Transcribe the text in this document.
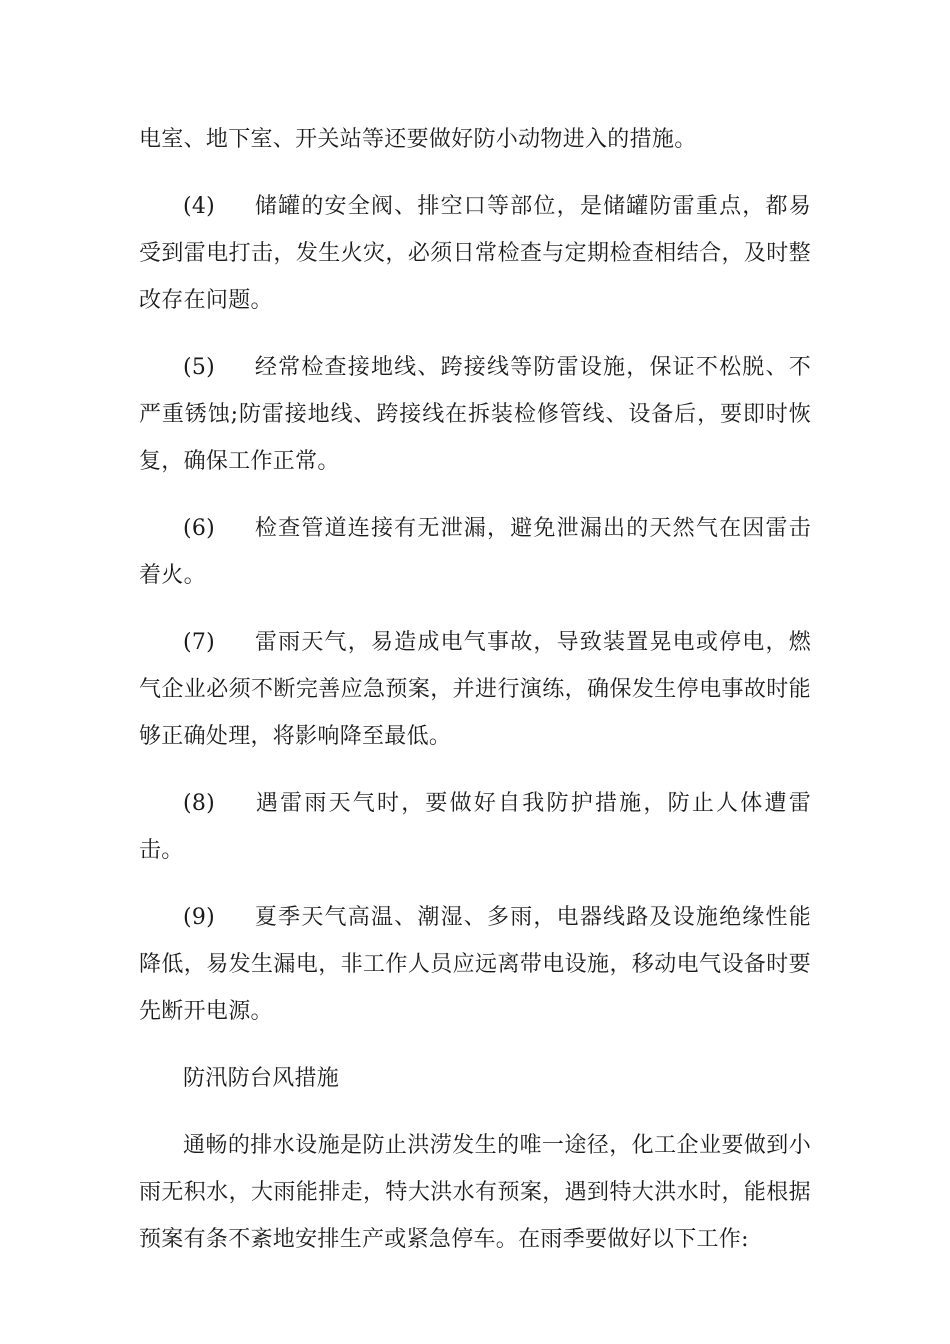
电室、地下室、开关站等还要做好防小动物进入的措施。

(4) 储罐的安全阀、排空口等部位，是储罐防雷重点，都易受到雷电打击，发生火灾，必须日常检查与定期检查相结合，及时整改存在问题。

(5) 经常检查接地线、跨接线等防雷设施，保证不松脱、不严重锈蚀;防雷接地线、跨接线在拆装检修管线、设备后，要即时恢复，确保工作正常。

(6) 检查管道连接有无泄漏，避免泄漏出的天然气在因雷击着火。

(7) 雷雨天气，易造成电气事故，导致装置晃电或停电，燃气企业必须不断完善应急预案，并进行演练，确保发生停电事故时能够正确处理，将影响降至最低。

(8) 遇雷雨天气时，要做好自我防护措施，防止人体遭雷击。

(9) 夏季天气高温、潮湿、多雨，电器线路及设施绝缘性能降低，易发生漏电，非工作人员应远离带电设施，移动电气设备时要先断开电源。

防汛防台风措施

通畅的排水设施是防止洪涝发生的唯一途径，化工企业要做到小雨无积水，大雨能排走，特大洪水有预案，遇到特大洪水时，能根据预案有条不紊地安排生产或紧急停车。在雨季要做好以下工作:
